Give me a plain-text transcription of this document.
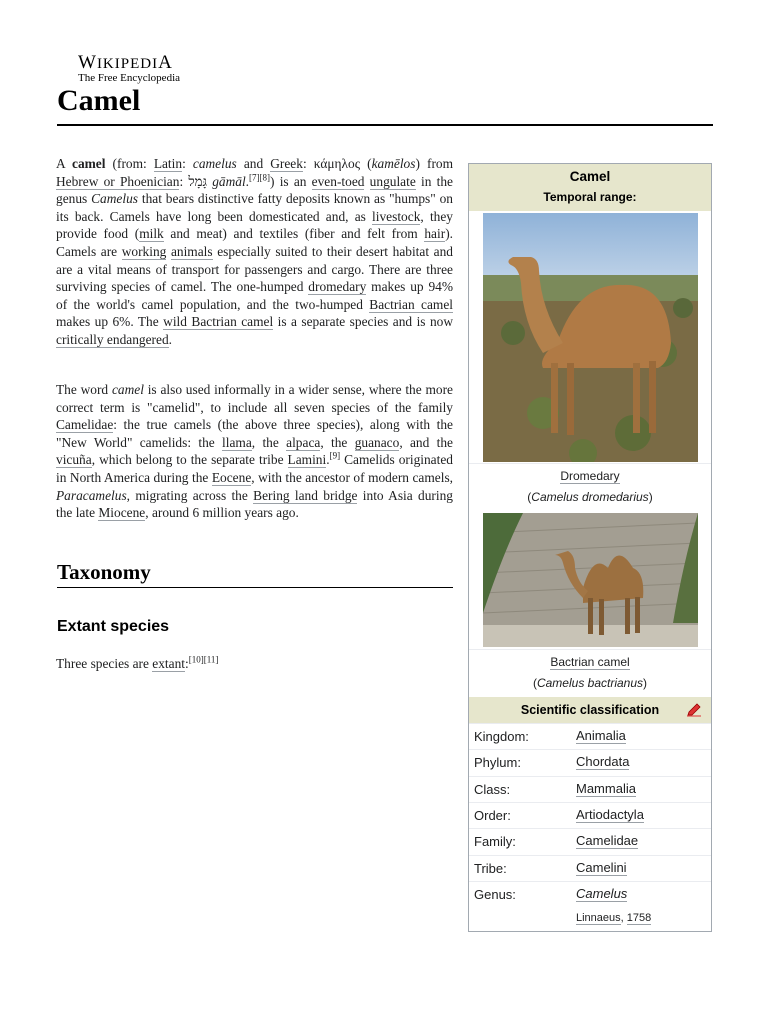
WIKIPEDIA
The Free Encyclopedia
Camel
A camel (from: Latin: camelus and Greek: κάμηλος (kamēlos) from Hebrew or Phoenician: גָּמָל gāmāl.[7][8]) is an even-toed ungulate in the genus Camelus that bears distinctive fatty deposits known as "humps" on its back. Camels have long been domesticated and, as livestock, they provide food (milk and meat) and textiles (fiber and felt from hair). Camels are working animals especially suited to their desert habitat and are a vital means of transport for passengers and cargo. There are three surviving species of camel. The one-humped dromedary makes up 94% of the world's camel population, and the two-humped Bactrian camel makes up 6%. The wild Bactrian camel is a separate species and is now critically endangered.
The word camel is also used informally in a wider sense, where the more correct term is "camelid", to include all seven species of the family Camelidae: the true camels (the above three species), along with the "New World" camelids: the llama, the alpaca, the guanaco, and the vicuña, which belong to the separate tribe Lamini.[9] Camelids originated in North America during the Eocene, with the ancestor of modern camels, Paracamelus, migrating across the Bering land bridge into Asia during the late Miocene, around 6 million years ago.
Taxonomy
Extant species
Three species are extant:[10][11]
Camel
Temporal range:
Dromedary
(Camelus dromedarius)
Bactrian camel
(Camelus bactrianus)
Scientific classification
Kingdom:	Animalia
Phylum:	Chordata
Class:	Mammalia
Order:	Artiodactyla
Family:	Camelidae
Tribe:	Camelini
Genus:	Camelus
Linnaeus, 1758
